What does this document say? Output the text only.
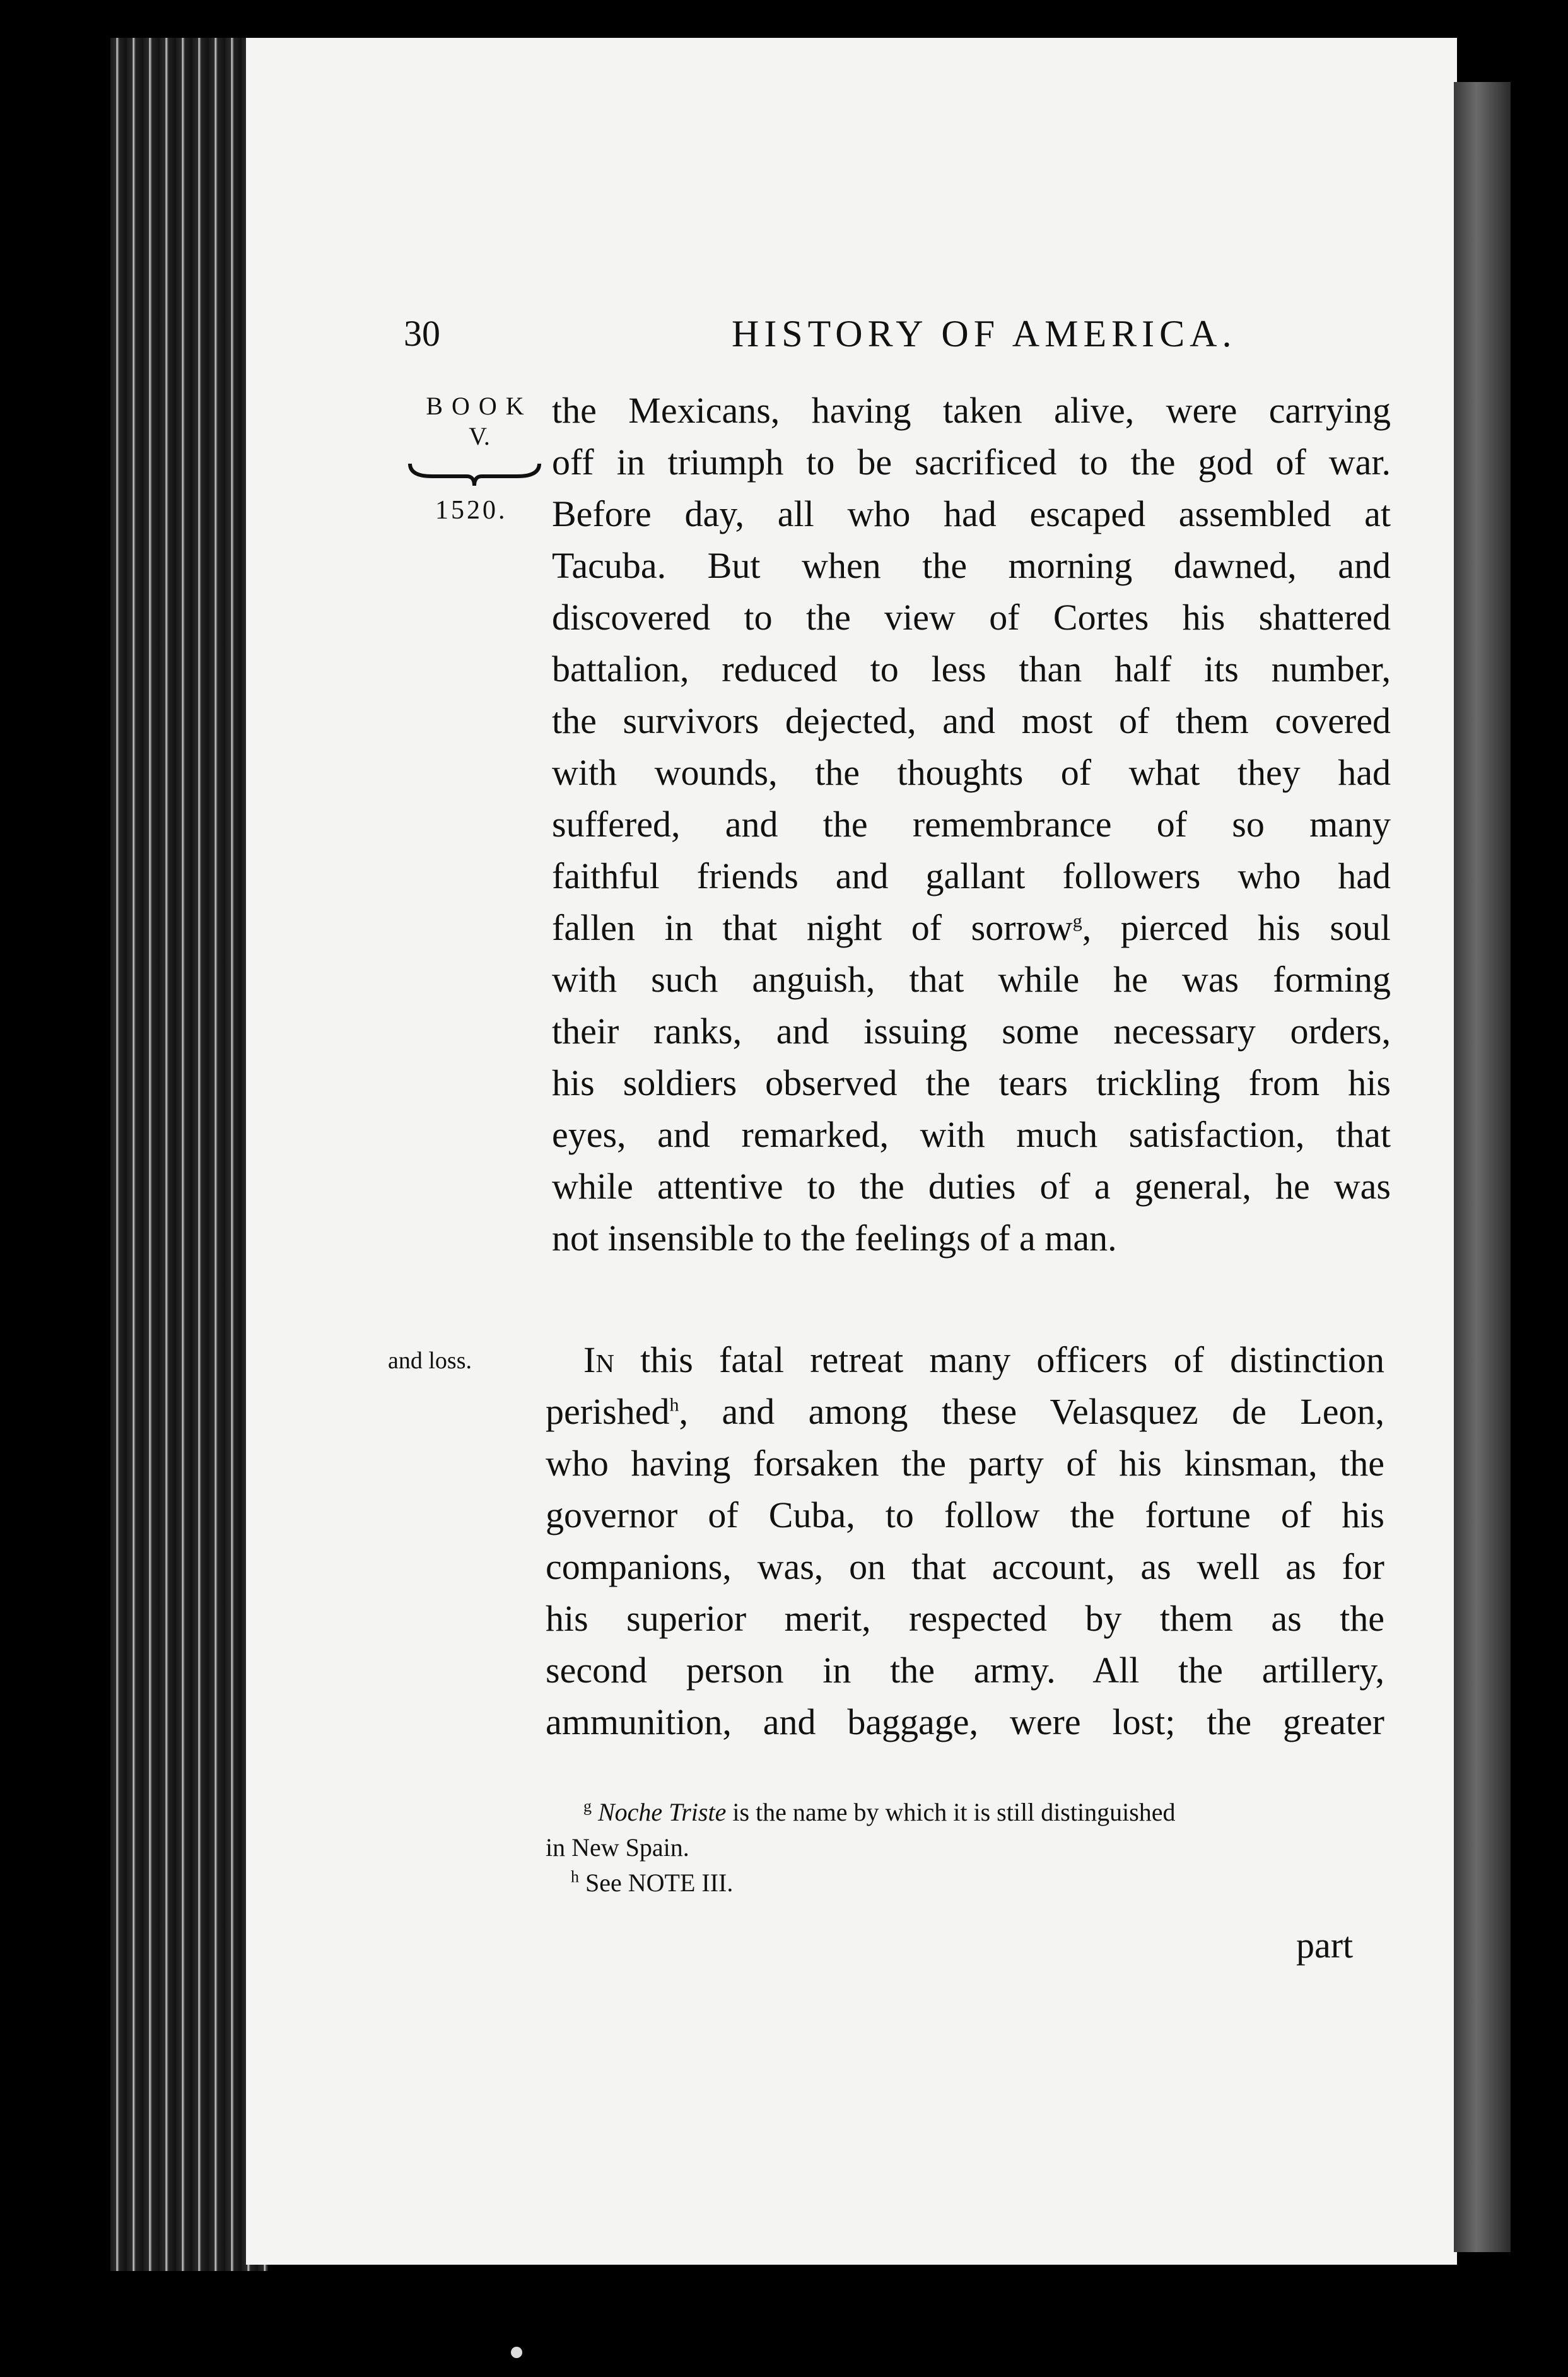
30	HISTORY OF AMERICA.
BOOK
V.
1520.
and loss.
the Mexicans, having taken alive, were carrying
off in triumph to be sacrificed to the god of war.
Before day, all who had escaped assembled at
Tacuba. But when the morning dawned, and
discovered to the view of Cortes his shattered
battalion, reduced to less than half its number,
the survivors dejected, and most of them covered
with wounds, the thoughts of what they had
suffered, and the remembrance of so many
faithful friends and gallant followers who had
fallen in that night of sorrow$^g$, pierced his soul
with such anguish, that while he was forming
their ranks, and issuing some necessary orders,
his soldiers observed the tears trickling from his
eyes, and remarked, with much satisfaction, that
while attentive to the duties of a general, he was
not insensible to the feelings of a man.
In this fatal retreat many officers of distinction
perished$^h$, and among these Velasquez de Leon,
who having forsaken the party of his kinsman, the
governor of Cuba, to follow the fortune of his
companions, was, on that account, as well as for
his superior merit, respected by them as the
second person in the army. All the artillery,
ammunition, and baggage, were lost; the greater
$^g$ Noche Triste is the name by which it is still distinguished
in New Spain.
$^h$ See NOTE III.
part
